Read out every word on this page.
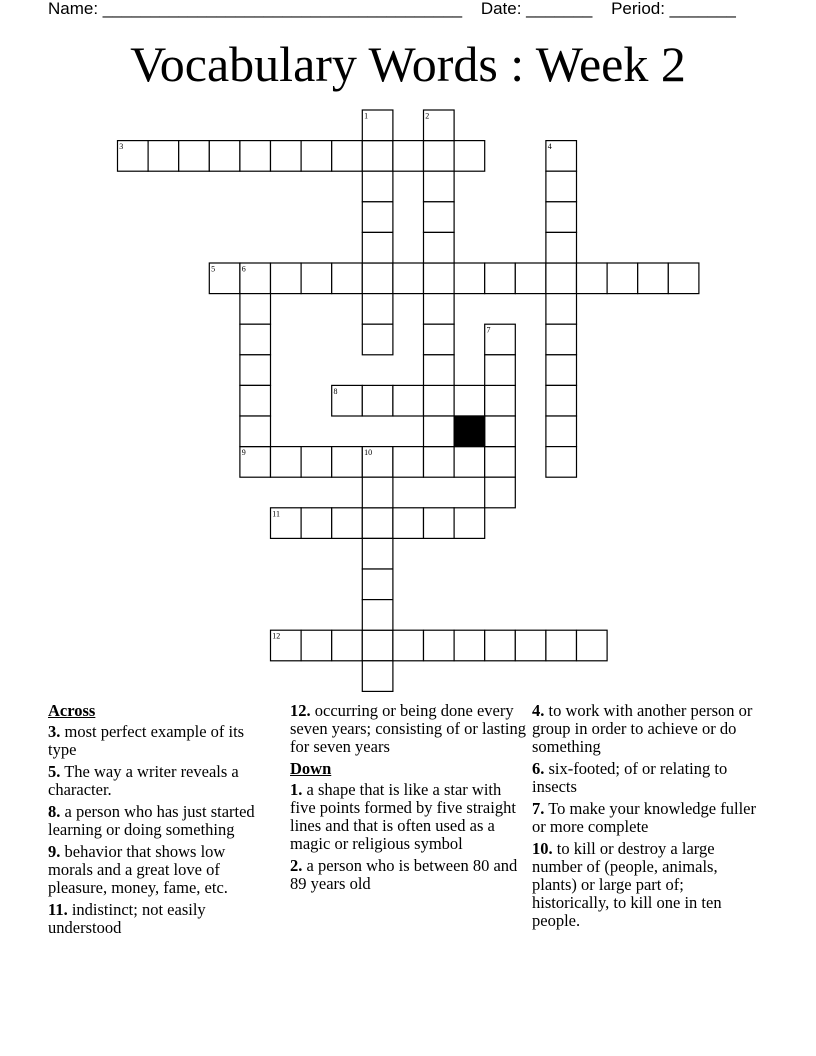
Name: ______________________________________ Date: _______ Period: _______
Vocabulary Words : Week 2
1	2
3	4
5	6
7
8
9	10
11
12
Across
3. most perfect example of its type
5. The way a writer reveals a character.
8. a person who has just started learning or doing something
9. behavior that shows low morals and a great love of pleasure, money, fame, etc.
11. indistinct; not easily understood
12. occurring or being done every seven years; consisting of or lasting for seven years
Down
1. a shape that is like a star with five points formed by five straight lines and that is often used as a magic or religious symbol
2. a person who is between 80 and 89 years old
4. to work with another person or group in order to achieve or do something
6. six-footed; of or relating to insects
7. To make your knowledge fuller or more complete
10. to kill or destroy a large number of (people, animals, plants) or large part of; historically, to kill one in ten people.
